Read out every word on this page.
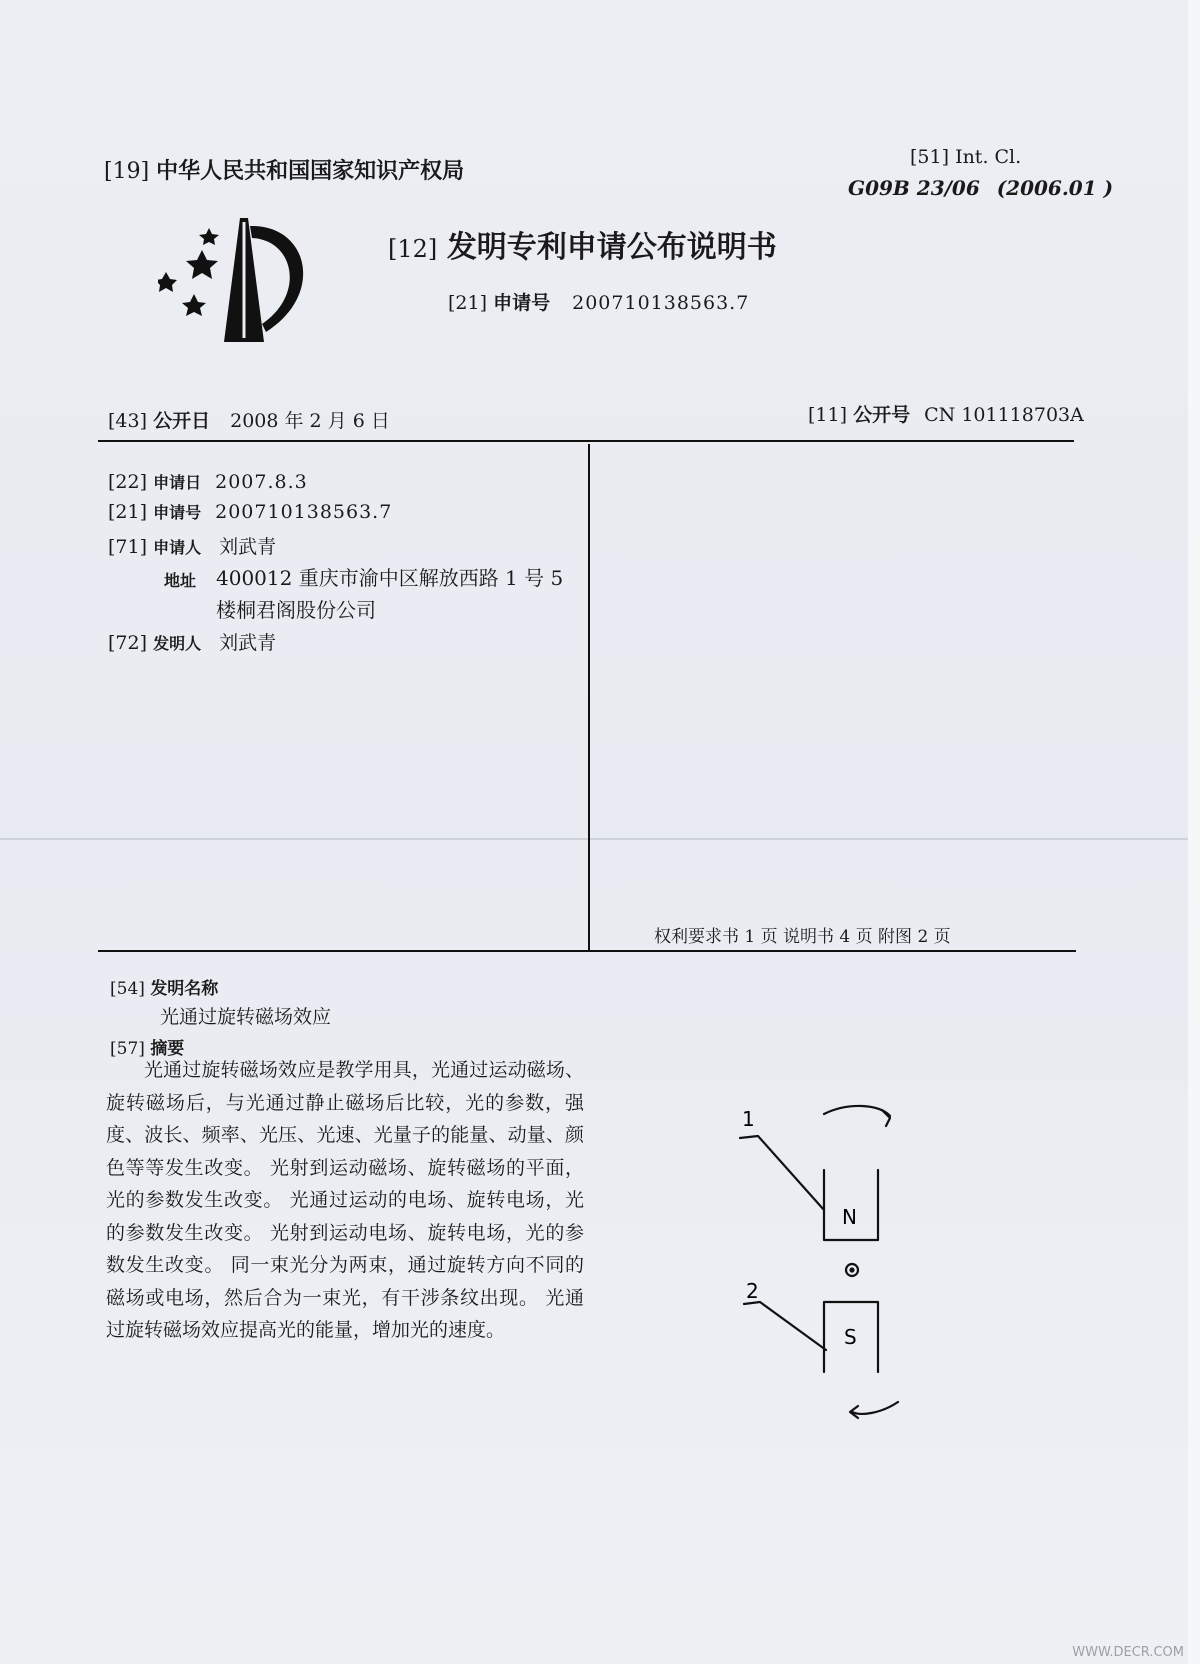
[19] 中华人民共和国国家知识产权局
[51] Int. Cl.
G09B 23/06 (2006.01 )
[12] 发明专利申请公布说明书
[21] 申请号 200710138563.7
[43] 公开日 2008 年 2 月 6 日	[11] 公开号 CN 101118703A
[22] 申请日 2007.8.3
[21] 申请号 200710138563.7
[71] 申请人 刘武青
地址 400012 重庆市渝中区解放西路 1 号 5
楼桐君阁股份公司
[72] 发明人 刘武青
权利要求书 1 页 说明书 4 页 附图 2 页
[54] 发明名称
光通过旋转磁场效应
[57] 摘要

光通过旋转磁场效应是教学用具，光通过运动磁场、旋转磁场后，与光通过静止磁场后比较，光的参数，强度、波长、频率、光压、光速、光量子的能量、动量、颜色等等发生改变。 光射到运动磁场、旋转磁场的平面，光的参数发生改变。 光通过运动的电场、旋转电场，光的参数发生改变。 光射到运动电场、旋转电场，光的参数发生改变。 同一束光分为两束，通过旋转方向不同的磁场或电场，然后合为一束光，有干涉条纹出现。 光通过旋转磁场效应提高光的能量，增加光的速度。

1
N
2
S
WWW.DECR.COM
